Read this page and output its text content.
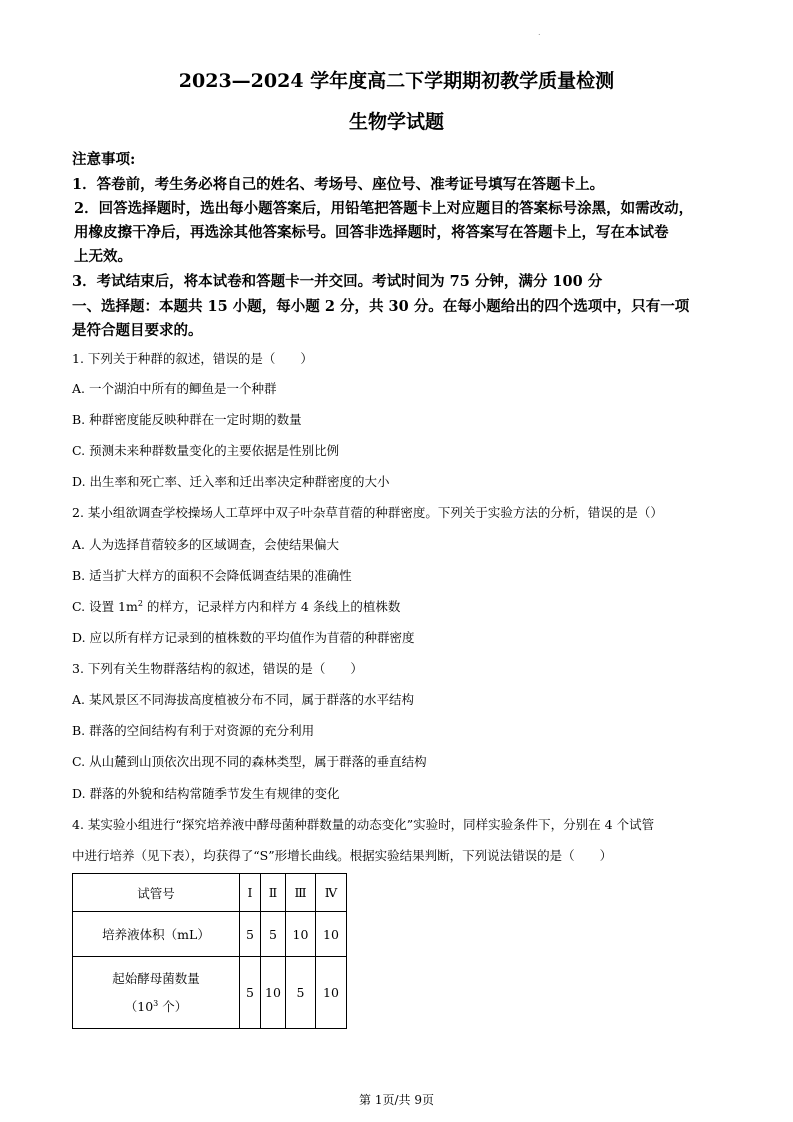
.
2023—2024 学年度高二下学期期初教学质量检测
生物学试题
注意事项:
1．答卷前，考生务必将自己的姓名、考场号、座位号、准考证号填写在答题卡上。
2．回答选择题时，选出每小题答案后，用铅笔把答题卡上对应题目的答案标号涂黑，如需改动，
用橡皮擦干净后，再选涂其他答案标号。回答非选择题时，将答案写在答题卡上，写在本试卷
上无效。
3．考试结束后，将本试卷和答题卡一并交回。考试时间为 75 分钟，满分 100 分
一、选择题：本题共 15 小题，每小题 2 分，共 30 分。在每小题给出的四个选项中，只有一项
是符合题目要求的。
1. 下列关于种群的叙述，错误的是（　　）
A. 一个湖泊中所有的鲫鱼是一个种群
B. 种群密度能反映种群在一定时期的数量
C. 预测未来种群数量变化的主要依据是性别比例
D. 出生率和死亡率、迁入率和迁出率决定种群密度的大小
2. 某小组欲调查学校操场人工草坪中双子叶杂草苜蓿的种群密度。下列关于实验方法的分析，错误的是（）
A. 人为选择苜蓿较多的区域调查，会使结果偏大
B. 适当扩大样方的面积不会降低调查结果的准确性
C. 设置 $1m^2$ 的样方，记录样方内和样方 4 条线上的植株数
D. 应以所有样方记录到的植株数的平均值作为苜蓿的种群密度
3. 下列有关生物群落结构的叙述，错误的是（　　）
A. 某风景区不同海拔高度植被分布不同，属于群落的水平结构
B. 群落的空间结构有利于对资源的充分利用
C. 从山麓到山顶依次出现不同的森林类型，属于群落的垂直结构
D. 群落的外貌和结构常随季节发生有规律的变化
4. 某实验小组进行“探究培养液中酵母菌种群数量的动态变化”实验时，同样实验条件下，分别在 4 个试管
中进行培养（见下表），均获得了“S”形增长曲线。根据实验结果判断，下列说法错误的是（　　）
试管号	Ⅰ	Ⅱ	Ⅲ	Ⅳ
培养液体积（mL）	5	5	10	10

起始酵母菌数量
（$10^3$ 个）	5	10	5	10
第 1页/共 9页
